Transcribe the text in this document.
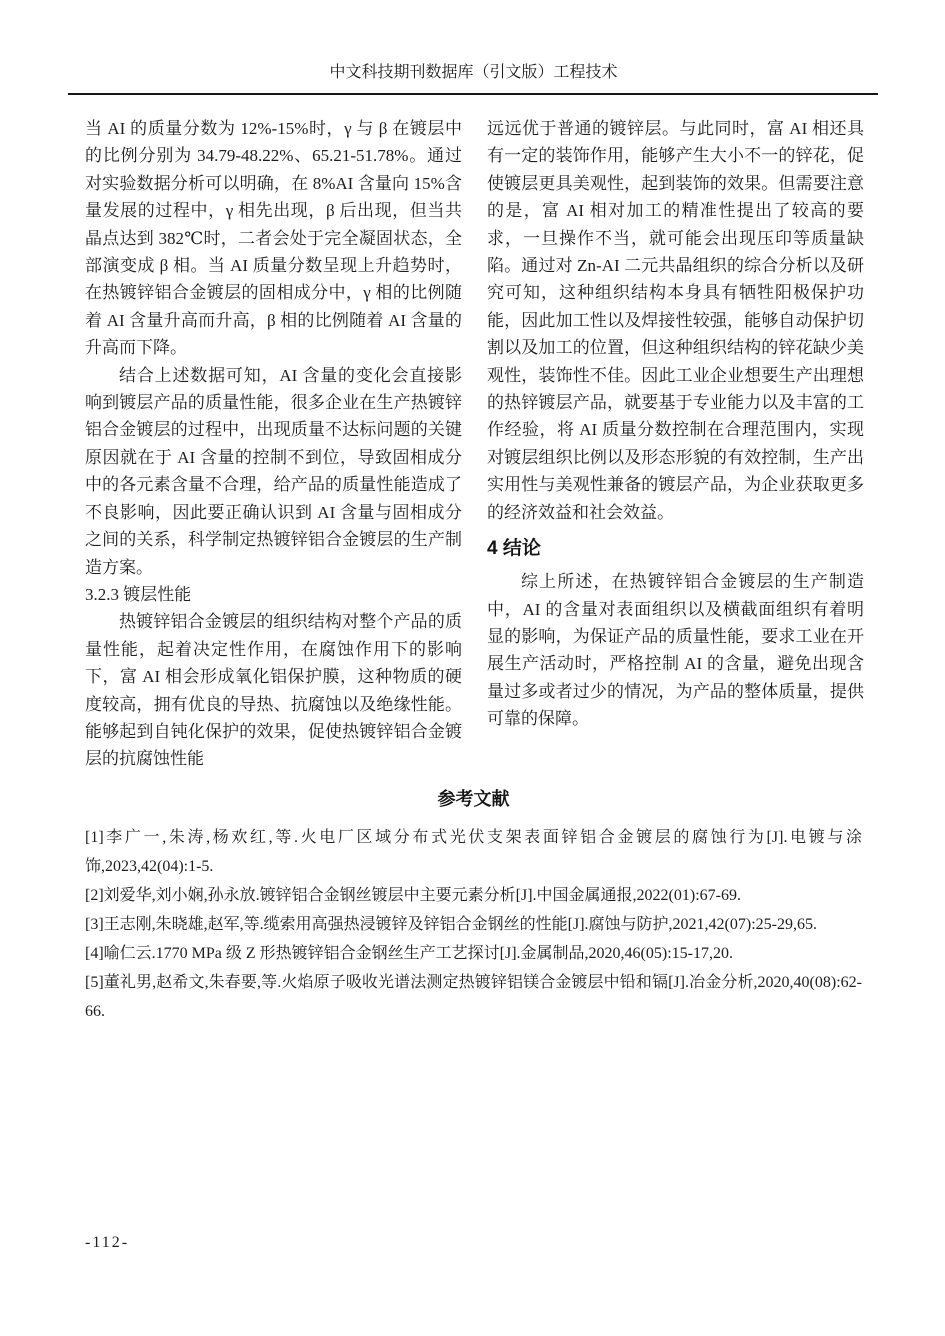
中文科技期刊数据库（引文版）工程技术

当 AI 的质量分数为 12%-15%时，γ 与 β 在镀层中的比例分别为 34.79-48.22%、65.21-51.78%。通过对实验数据分析可以明确，在 8%AI 含量向 15%含量发展的过程中，γ 相先出现，β 后出现，但当共晶点达到 382℃时，二者会处于完全凝固状态，全部演变成 β 相。当 AI 质量分数呈现上升趋势时，在热镀锌铝合金镀层的固相成分中，γ 相的比例随着 AI 含量升高而升高，β 相的比例随着 AI 含量的升高而下降。

结合上述数据可知，AI 含量的变化会直接影响到镀层产品的质量性能，很多企业在生产热镀锌铝合金镀层的过程中，出现质量不达标问题的关键原因就在于 AI 含量的控制不到位，导致固相成分中的各元素含量不合理，给产品的质量性能造成了不良影响，因此要正确认识到 AI 含量与固相成分之间的关系，科学制定热镀锌铝合金镀层的生产制造方案。

3.2.3 镀层性能

热镀锌铝合金镀层的组织结构对整个产品的质量性能，起着决定性作用，在腐蚀作用下的影响下，富 AI 相会形成氧化铝保护膜，这种物质的硬度较高，拥有优良的导热、抗腐蚀以及绝缘性能。能够起到自钝化保护的效果，促使热镀锌铝合金镀层的抗腐蚀性能

远远优于普通的镀锌层。与此同时，富 AI 相还具有一定的装饰作用，能够产生大小不一的锌花，促使镀层更具美观性，起到装饰的效果。但需要注意的是，富 AI 相对加工的精准性提出了较高的要求，一旦操作不当，就可能会出现压印等质量缺陷。通过对 Zn-AI 二元共晶组织的综合分析以及研究可知，这种组织结构本身具有牺牲阳极保护功能，因此加工性以及焊接性较强，能够自动保护切割以及加工的位置，但这种组织结构的锌花缺少美观性，装饰性不佳。因此工业企业想要生产出理想的热锌镀层产品，就要基于专业能力以及丰富的工作经验，将 AI 质量分数控制在合理范围内，实现对镀层组织比例以及形态形貌的有效控制，生产出实用性与美观性兼备的镀层产品，为企业获取更多的经济效益和社会效益。

4 结论

综上所述，在热镀锌铝合金镀层的生产制造中，AI 的含量对表面组织以及横截面组织有着明显的影响，为保证产品的质量性能，要求工业在开展生产活动时，严格控制 AI 的含量，避免出现含量过多或者过少的情况，为产品的整体质量，提供可靠的保障。

参考文献

[1]李广一,朱涛,杨欢红,等.火电厂区域分布式光伏支架表面锌铝合金镀层的腐蚀行为[J].电镀与涂饰,2023,42(04):1-5.

[2]刘爱华,刘小娴,孙永放.镀锌铝合金钢丝镀层中主要元素分析[J].中国金属通报,2022(01):67-69.

[3]王志刚,朱晓雄,赵军,等.缆索用高强热浸镀锌及锌铝合金钢丝的性能[J].腐蚀与防护,2021,42(07):25-29,65.

[4]喻仁云.1770 MPa 级 Z 形热镀锌铝合金钢丝生产工艺探讨[J].金属制品,2020,46(05):15-17,20.

[5]董礼男,赵希文,朱春要,等.火焰原子吸收光谱法测定热镀锌铝镁合金镀层中铅和镉[J].冶金分析,2020,40(08):62-66.

-112-
